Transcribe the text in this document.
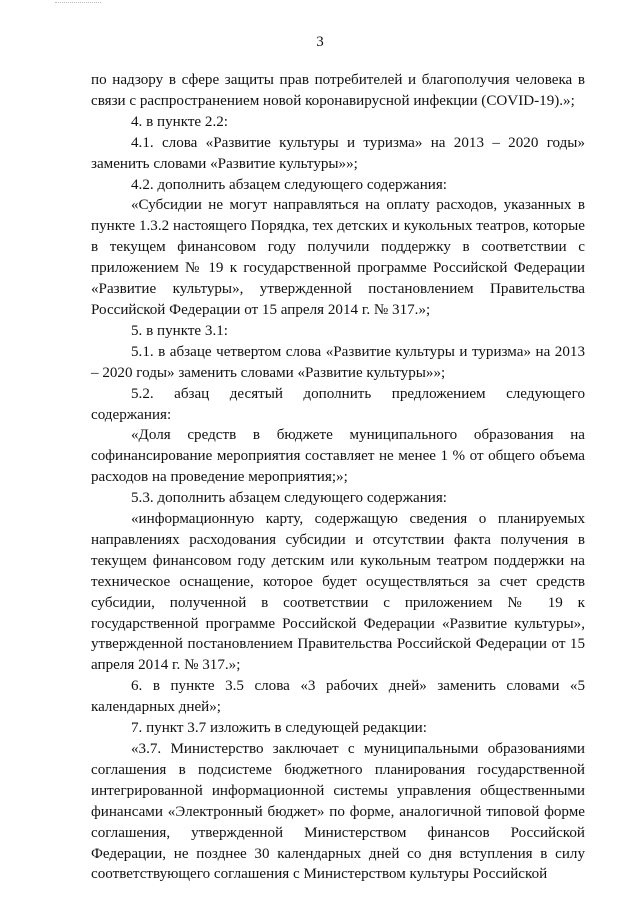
3

по надзору в сфере защиты прав потребителей и благополучия человека в связи с распространением новой коронавирусной инфекции (COVID-19).»;

4. в пункте 2.2:

4.1. слова «Развитие культуры и туризма» на 2013 – 2020 годы» заменить словами «Развитие культуры»»;

4.2. дополнить абзацем следующего содержания:

«Субсидии не могут направляться на оплату расходов, указанных в пункте 1.3.2 настоящего Порядка, тех детских и кукольных театров, которые в текущем финансовом году получили поддержку в соответствии с приложением № 19 к государственной программе Российской Федерации «Развитие культуры», утвержденной постановлением Правительства Российской Федерации от 15 апреля 2014 г. № 317.»;

5. в пункте 3.1:

5.1. в абзаце четвертом слова «Развитие культуры и туризма» на 2013 – 2020 годы» заменить словами «Развитие культуры»»;

5.2. абзац десятый дополнить предложением следующего содержания:

«Доля средств в бюджете муниципального образования на софинансирование мероприятия составляет не менее 1 % от общего объема расходов на проведение мероприятия;»;

5.3. дополнить абзацем следующего содержания:

«информационную карту, содержащую сведения о планируемых направлениях расходования субсидии и отсутствии факта получения в текущем финансовом году детским или кукольным театром поддержки на техническое оснащение, которое будет осуществляться за счет средств субсидии, полученной в соответствии с приложением № 19 к государственной программе Российской Федерации «Развитие культуры», утвержденной постановлением Правительства Российской Федерации от 15 апреля 2014 г. № 317.»;

6. в пункте 3.5 слова «3 рабочих дней» заменить словами «5 календарных дней»;

7. пункт 3.7 изложить в следующей редакции:

«3.7. Министерство заключает с муниципальными образованиями соглашения в подсистеме бюджетного планирования государственной интегрированной информационной системы управления общественными финансами «Электронный бюджет» по форме, аналогичной типовой форме соглашения, утвержденной Министерством финансов Российской Федерации, не позднее 30 календарных дней со дня вступления в силу соответствующего соглашения с Министерством культуры Российской
